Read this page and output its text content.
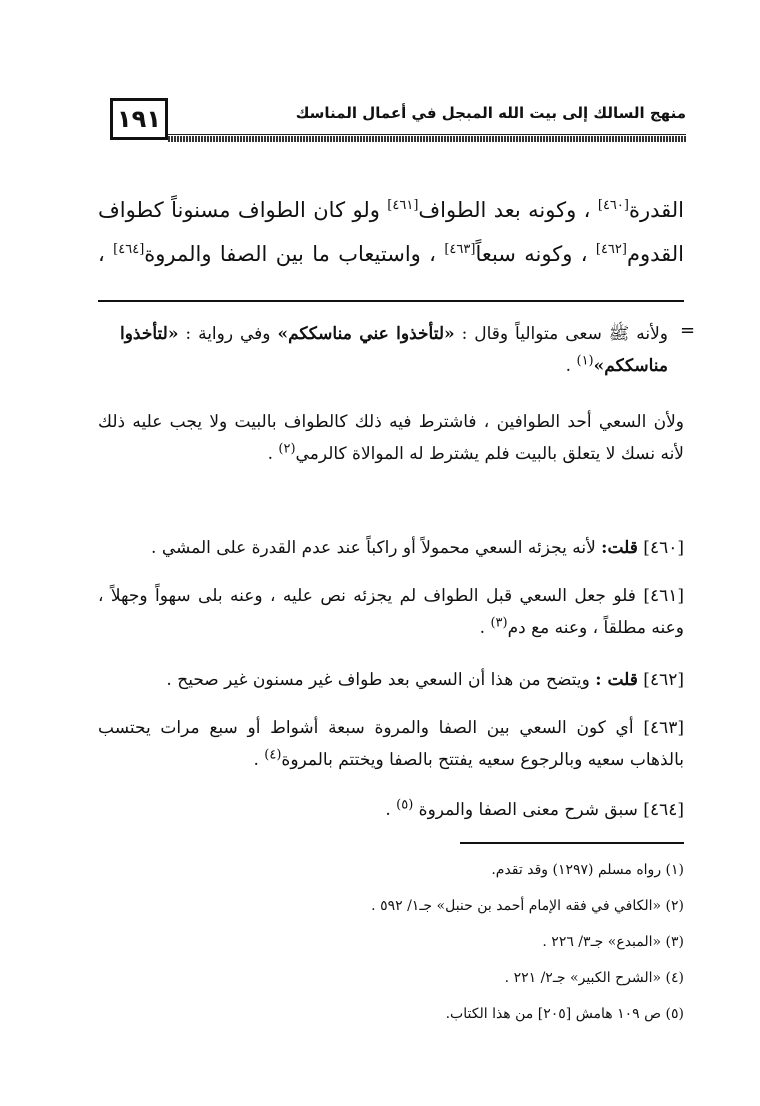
١٩١	منهج السالك إلى بيت الله المبجل في أعمال المناسك
القدرة[٤٦٠] ، وكونه بعد الطواف[٤٦١] ولو كان الطواف مسنوناً كطواف
القدوم[٤٦٢] ، وكونه سبعاً[٤٦٣] ، واستيعاب ما بين الصفا والمروة[٤٦٤] ،
=
ولأنه ﷺ سعى متوالياً وقال : «لتأخذوا عني مناسككم» وفي رواية : «لتأخذوا مناسككم»$^{(١)}$ .
ولأن السعي أحد الطوافين ، فاشترط فيه ذلك كالطواف بالبيت ولا يجب عليه ذلك لأنه نسك لا يتعلق بالبيت فلم يشترط له الموالاة كالرمي$^{(٢)}$ .
[٤٦٠] قلت: لأنه يجزئه السعي محمولاً أو راكباً عند عدم القدرة على المشي .
[٤٦١] فلو جعل السعي قبل الطواف لم يجزئه نص عليه ، وعنه بلى سهواً وجهلاً ، وعنه مطلقاً ، وعنه مع دم$^{(٣)}$ .
[٤٦٢] قلت : ويتضح من هذا أن السعي بعد طواف غير مسنون غير صحيح .
[٤٦٣] أي كون السعي بين الصفا والمروة سبعة أشواط أو سبع مرات يحتسب بالذهاب سعيه وبالرجوع سعيه يفتتح بالصفا ويختتم بالمروة$^{(٤)}$ .
[٤٦٤] سبق شرح معنى الصفا والمروة $^{(٥)}$ .
(١) رواه مسلم (١٢٩٧) وقد تقدم.
(٢) «الكافي في فقه الإمام أحمد بن حنبل» جـ١/ ٥٩٢ .
(٣) «المبدع» جـ٣/ ٢٢٦ .
(٤) «الشرح الكبير» جـ٢/ ٢٢١ .
(٥) ص ١٠٩ هامش [٢٠٥] من هذا الكتاب.
